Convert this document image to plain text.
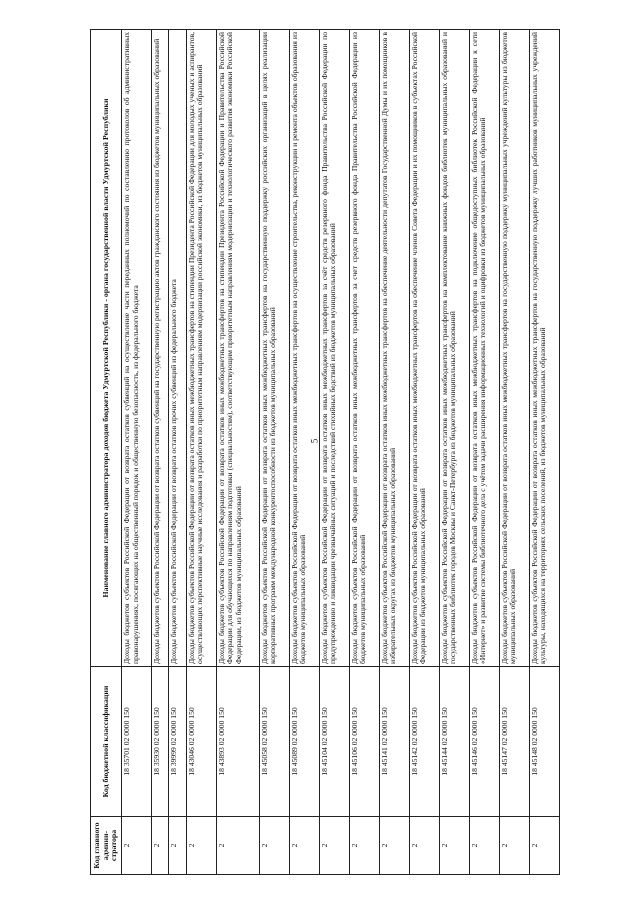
5
Код главного админи-стратора	Код бюджетной классификации	Наименование главного администратора доходов бюджета Удмуртской Республики - органа государственной власти Удмуртской Республики
2	18 35701 02 0000 150	Доходы бюджетов субъектов Российской Федерации от возврата остатков субвенций на осуществление части переданных полномочий по составлению протоколов об административных правонарушениях, посягающих на общественный порядок и общественную безопасность, из федерального бюджета
2	18 35930 02 0000 150	Доходы бюджетов субъектов Российской Федерации от возврата остатков субвенций на государственную регистрацию актов гражданского состояния из бюджетов муниципальных образований
2	18 39999 02 0000 150	Доходы бюджетов субъектов Российской Федерации от возврата остатков прочих субвенций из федерального бюджета
2	18 43046 02 0000 150	Доходы бюджетов субъектов Российской Федерации от возврата остатков иных межбюджетных трансфертов на стипендии Президента Российской Федерации для молодых ученых и аспирантов, осуществляющих перспективные научные исследования и разработки по приоритетным направлениям модернизации российской экономики, из бюджетов муниципальных образований
2	18 43893 02 0000 150	Доходы бюджетов субъектов Российской Федерации от возврата остатков иных межбюджетных трансфертов на стипендии Президента Российской Федерации и Правительства Российской Федерации для обучающихся по направлениям подготовки (специальностям), соответствующим приоритетным направлениям модернизации и технологического развития экономики Российской Федерации, из бюджетов муниципальных образований
2	18 45058 02 0000 150	Доходы бюджетов субъектов Российской Федерации от возврата остатков иных межбюджетных трансфертов на государственную поддержку российских организаций в целях реализации корпоративных программ международной конкурентоспособности из бюджетов муниципальных образований
2	18 45089 02 0000 150	Доходы бюджетов субъектов Российской Федерации от возврата остатков иных межбюджетных трансфертов на осуществление строительства, реконструкции и ремонта объектов образования из бюджетов муниципальных образований
2	18 45104 02 0000 150	Доходы бюджетов субъектов Российской Федерации от возврата остатков иных межбюджетных трансфертов за счёт средств резервного фонда Правительства Российской Федерации по предупреждению и ликвидации чрезвычайных ситуаций и последствий стихийных бедствий из бюджетов муниципальных образований
2	18 45106 02 0000 150	Доходы бюджетов субъектов Российской Федерации от возврата остатков иных межбюджетных трансфертов за счет средств резервного фонда Правительства Российской Федерации из бюджетов муниципальных образований
2	18 45141 02 0000 150	Доходы бюджетов субъектов Российской Федерации от возврата остатков иных межбюджетных трансфертов на обеспечение деятельности депутатов Государственной Думы и их помощников в избирательных округах из бюджетов муниципальных образований
2	18 45142 02 0000 150	Доходы бюджетов субъектов Российской Федерации от возврата остатков иных межбюджетных трансфертов на обеспечение членов Совета Федерации и их помощников в субъектах Российской Федерации из бюджетов муниципальных образований
2	18 45144 02 0000 150	Доходы бюджетов субъектов Российской Федерации от возврата остатков иных межбюджетных трансфертов на комплектование книжных фондов библиотек муниципальных образований и государственных библиотек городов Москвы и Санкт-Петербурга из бюджетов муниципальных образований
2	18 45146 02 0000 150	Доходы бюджетов субъектов Российской Федерации от возврата остатков иных межбюджетных трансфертов на подключение общедоступных библиотек Российской Федерации к сети «Интернет» и развитие системы библиотечного дела с учётом задачи расширения информационных технологий и оцифровки из бюджетов муниципальных образований
2	18 45147 02 0000 150	Доходы бюджетов субъектов Российской Федерации от возврата остатков иных межбюджетных трансфертов на государственную поддержку муниципальных учреждений культуры из бюджетов муниципальных образований
2	18 45148 02 0000 150	Доходы бюджетов субъектов Российской Федерации от возврата остатков иных межбюджетных трансфертов на государственную поддержку лучших работников муниципальных учреждений культуры, находящихся на территориях сельских поселений, из бюджетов муниципальных образований
